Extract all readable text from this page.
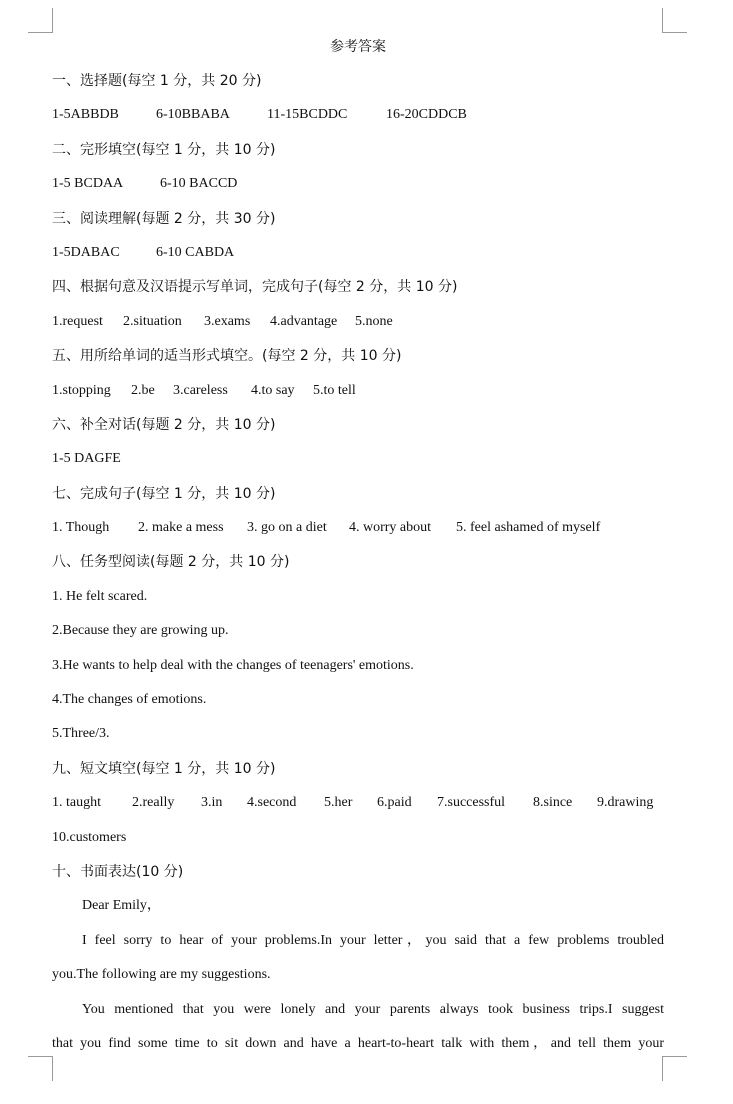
参考答案
一、选择题(每空 1 分，共 20 分)
1-5ABBDB	6-10BBABA	11-15BCDDC	16-20CDDCB
二、完形填空(每空 1 分，共 10 分)
1-5 BCDAA	6-10 BACCD
三、阅读理解(每题 2 分，共 30 分)
1-5DABAC	6-10 CABDA
四、根据句意及汉语提示写单词，完成句子(每空 2 分，共 10 分)
1.request 2.situation 3.exams 4.advantage 5.none
五、用所给单词的适当形式填空。(每空 2 分，共 10 分)
1.stopping 2.be 3.careless 4.to say 5.to tell
六、补全对话(每题 2 分，共 10 分)
1-5 DAGFE
七、完成句子(每空 1 分，共 10 分)
1. Though 2. make a mess 3. go on a diet 4. worry about 5. feel ashamed of myself
八、任务型阅读(每题 2 分，共 10 分)
1. He felt scared.
2.Because they are growing up.
3.He wants to help deal with the changes of teenagers' emotions.
4.The changes of emotions.
5.Three/3.
九、短文填空(每空 1 分，共 10 分)
1. taught 2.really 3.in 4.second 5.her 6.paid 7.successful 8.since 9.drawing
10.customers
十、书面表达(10 分)
Dear Emily，
I feel sorry to hear of your problems.In your letter，you said that a few problems troubled
you.The following are my suggestions.
You mentioned that you were lonely and your parents always took business trips.I suggest
that you find some time to sit down and have a heart-to-heart talk with them，and tell them your
